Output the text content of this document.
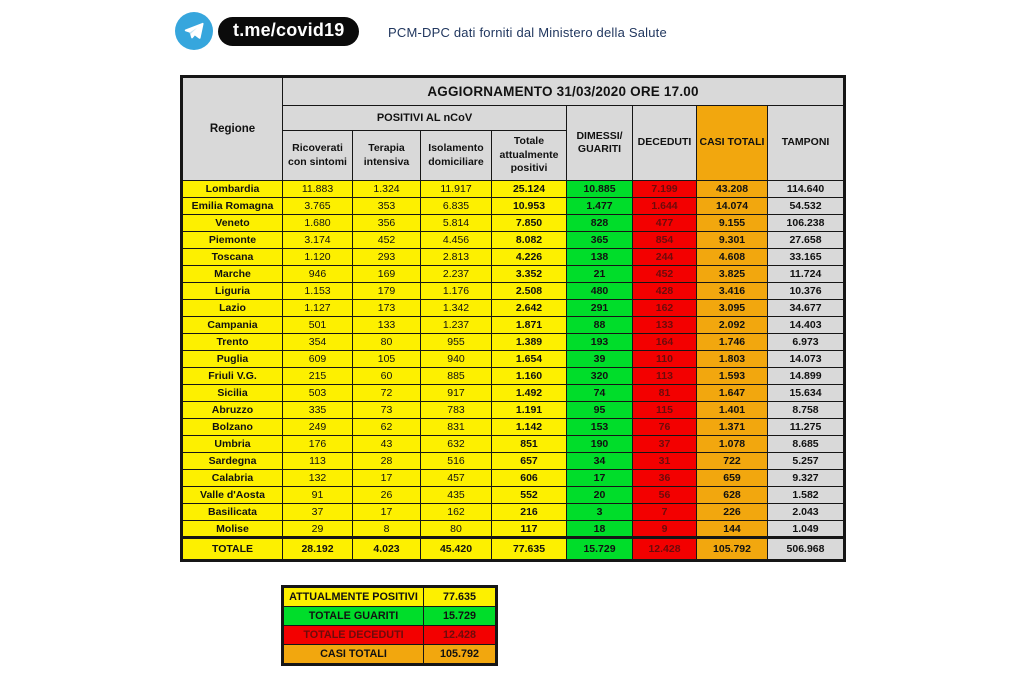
t.me/covid19	PCM-DPC dati forniti dal Ministero della Salute
Regione	AGGIORNAMENTO 31/03/2020 ORE 17.00							
	POSITIVI AL nCoV				DIMESSI/ GUARITI	DECEDUTI	CASI TOTALI	TAMPONI
	Ricoverati con sintomi	Terapia intensiva	Isolamento domiciliare	Totale attualmente positivi				
Lombardia	11.883	1.324	11.917	25.124	10.885	7.199	43.208	114.640
Emilia Romagna	3.765	353	6.835	10.953	1.477	1.644	14.074	54.532
Veneto	1.680	356	5.814	7.850	828	477	9.155	106.238
Piemonte	3.174	452	4.456	8.082	365	854	9.301	27.658
Toscana	1.120	293	2.813	4.226	138	244	4.608	33.165
Marche	946	169	2.237	3.352	21	452	3.825	11.724
Liguria	1.153	179	1.176	2.508	480	428	3.416	10.376
Lazio	1.127	173	1.342	2.642	291	162	3.095	34.677
Campania	501	133	1.237	1.871	88	133	2.092	14.403
Trento	354	80	955	1.389	193	164	1.746	6.973
Puglia	609	105	940	1.654	39	110	1.803	14.073
Friuli V.G.	215	60	885	1.160	320	113	1.593	14.899
Sicilia	503	72	917	1.492	74	81	1.647	15.634
Abruzzo	335	73	783	1.191	95	115	1.401	8.758
Bolzano	249	62	831	1.142	153	76	1.371	11.275
Umbria	176	43	632	851	190	37	1.078	8.685
Sardegna	113	28	516	657	34	31	722	5.257
Calabria	132	17	457	606	17	36	659	9.327
Valle d'Aosta	91	26	435	552	20	56	628	1.582
Basilicata	37	17	162	216	3	7	226	2.043
Molise	29	8	80	117	18	9	144	1.049
TOTALE	28.192	4.023	45.420	77.635	15.729	12.428	105.792	506.968
ATTUALMENTE POSITIVI	77.635
TOTALE GUARITI	15.729
TOTALE DECEDUTI	12.428
CASI TOTALI	105.792
